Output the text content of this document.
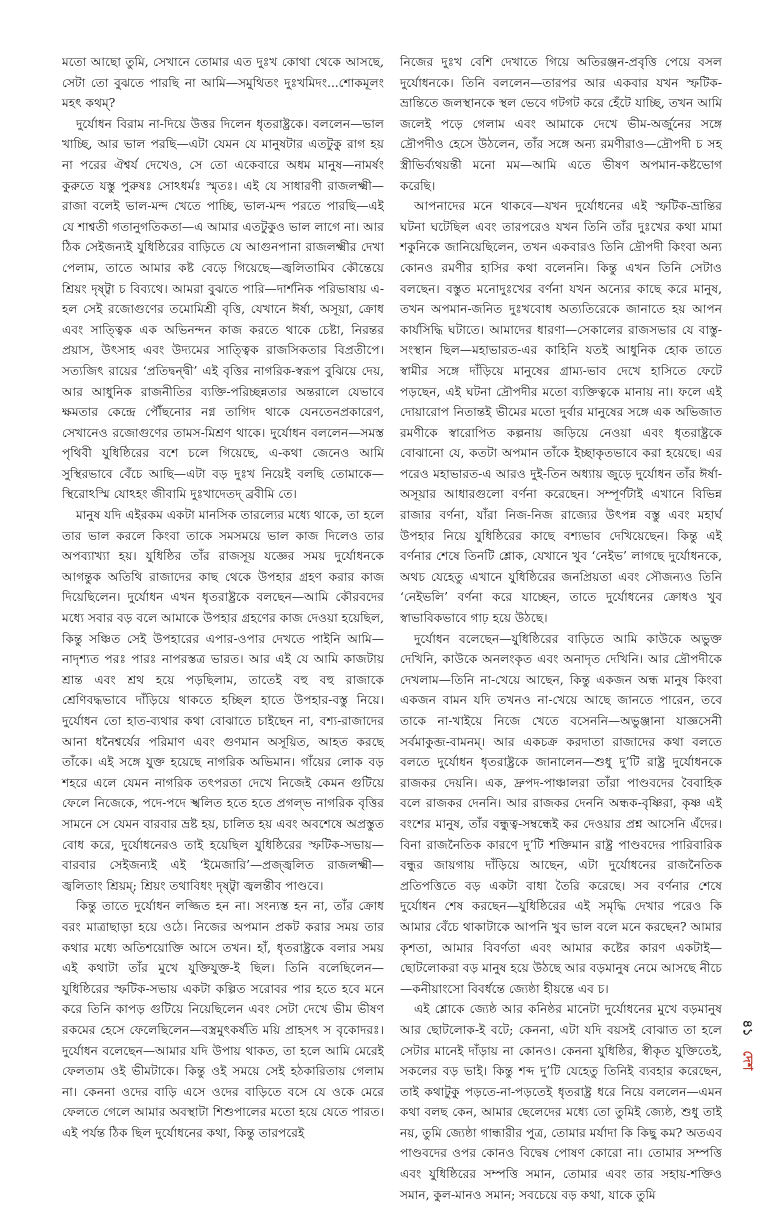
মতো আছো তুমি, সেখানে তোমার এত দুঃখ কোথা থেকে আসছে, সেটা তো বুঝতে পারছি না আমি—সমুথিতং দুঃখমিদং...শোকমূলং মহৎ কথম্?

দুর্যোধন বিরাম না-দিয়ে উত্তর দিলেন ধৃতরাষ্ট্রকে। বললেন—ভাল খাচ্ছি, আর ভাল পরছি—এটা যেমন যে মানুষটার এতটুকু রাগ হয় না পরের ঐশ্বর্য দেখেও, সে তো একেবারে অধম মানুষ—নামর্ষং কুরুতে যস্তু পুরুষঃ সোঽধর্মঃ স্মৃতঃ। এই যে সাধারণী রাজলক্ষ্মী—রাজা বলেই ভাল-মন্দ খেতে পাচ্ছি, ভাল-মন্দ পরতে পারছি—এই যে শাশ্বতী গতানুগতিকতা—এ আমার এতটুকুও ভাল লাগে না। আর ঠিক সেইজন্যই যুধিষ্ঠিরের বাড়িতে যে আগুনপানা রাজলক্ষ্মীর দেখা পেলাম, তাতে আমার কষ্ট বেড়ে গিয়েছে—জ্বলিতামিব কৌন্তেয়ে শ্রিয়ং দৃষ্ট্বা চ বিব্যথে। আমরা বুঝতে পারি—দার্শনিক পরিভাষায় এ-হল সেই রজোগুণের তমোমিশ্রী বৃত্তি, যেখানে ঈর্ষা, অসূয়া, ক্রোধ এবং সাত্ত্বিক এক অভিনন্দন কাজ করতে থাকে চেষ্টা, নিরন্তর প্রয়াস, উৎসাহ এবং উদ্যমের সাত্ত্বিক রাজসিকতার বিপ্রতীপে। সত্যজিৎ রায়ের ‘প্রতিদ্বন্দ্বী’ এই বৃত্তির নাগরিক-স্বরূপ বুঝিয়ে দেয়, আর আধুনিক রাজনীতির ব্যক্তি-পরিচ্ছন্নতার অন্তরালে যেভাবে ক্ষমতার কেন্দ্রে পৌঁছনোর নগ্ন তাগিদ থাকে যেনতেনপ্রকারেণ, সেখানেও রজোগুণের তামস-মিশ্রণ থাকে। দুর্যোধন বললেন—সমস্ত পৃথিবী যুধিষ্ঠিরের বশে চলে গিয়েছে, এ-কথা জেনেও আমি সুস্থিরভাবে বেঁচে আছি—এটা বড় দুঃখ নিয়েই বলছি তোমাকে—স্থিরোঽস্মি যোঽহং জীবামি দুঃখাদেতদ্ ব্রবীমি তে।

মানুষ যদি এইরকম একটা মানসিক তারল্যের মধ্যে থাকে, তা হলে তার ভাল করলে কিংবা তাকে সমসময়ে ভাল কাজ দিলেও তার অপব্যাখ্যা হয়। যুধিষ্ঠির তাঁর রাজসূয় যজ্ঞের সময় দুর্যোধনকে আগন্তুক অতিথি রাজাদের কাছ থেকে উপহার গ্রহণ করার কাজ দিয়েছিলেন। দুর্যোধন এখন ধৃতরাষ্ট্রকে বলছেন—আমি কৌরবদের মধ্যে সবার বড় বলে আমাকে উপহার গ্রহণের কাজ দেওয়া হয়েছিল, কিন্তু সঞ্চিত সেই উপহারের এপার-ওপার দেখতে পাইনি আমি—নাদৃশ্যত পরঃ পারঃ নাপরস্তত্র ভারত। আর এই যে আমি কাজটায় শ্রান্ত এবং শ্রথ হয়ে পড়ছিলাম, তাতেই বহু বহু রাজাকে শ্রেণিবদ্ধভাবে দাঁড়িয়ে থাকতে হচ্ছিল হাতে উপহার-বস্তু নিয়ে। দুর্যোধন তো হাত-ব্যথার কথা বোঝাতে চাইছেন না, বশ্য-রাজাদের আনা ধনৈশ্বর্যের পরিমাণ এবং গুণমান অসূয়িত, আহত করছে তাঁকে। এই সঙ্গে যুক্ত হয়েছে নাগরিক অভিমান। গাঁয়ের লোক বড় শহরে এলে যেমন নাগরিক তৎপরতা দেখে নিজেই কেমন গুটিয়ে ফেলে নিজেকে, পদে-পদে স্খলিত হতে হতে প্রগল্‌ভ নাগরিক বৃত্তির সামনে সে যেমন বারবার ভ্রষ্ট হয়, চালিত হয় এবং অবশেষে অপ্রস্তুত বোধ করে, দুর্যোধনেরও তাই হয়েছিল যুধিষ্ঠিরের স্ফটিক-সভায়—বারবার সেইজন্যই এই ‘ইমেজারি’—প্রজ্জ্বলিত রাজলক্ষ্মী—জ্বলিতাং শ্রিয়ম্‌; শ্রিয়ং তথাবিধং দৃষ্ট্বা জ্বলন্তীব পাণ্ডবে।

কিন্তু তাতে দুর্যোধন লজ্জিত হন না। সংন্যস্ত হন না, তাঁর ক্রোধ বরং মাত্রাছাড়া হয়ে ওঠে। নিজের অপমান প্রকট করার সময় তার কথার মধ্যে অতিশয়োক্তি আসে তখন। হাঁ, ধৃতরাষ্ট্রকে বলার সময় এই কথাটা তাঁর মুখে যুক্তিযুক্ত-ই ছিল। তিনি বলেছিলেন—যুধিষ্ঠিরের স্ফটিক-সভায় একটা কল্পিত সরোবর পার হতে হবে মনে করে তিনি কাপড় গুটিয়ে নিয়েছিলেন এবং সেটা দেখে ভীম ভীষণ রকমের হেসে ফেলেছিলেন—বস্ত্রমুৎকর্ষতি ময়ি প্রাহসৎ স বৃকোদরঃ। দুর্যোধন বলেছেন—আমার যদি উপায় থাকত, তা হলে আমি মেরেই ফেলতাম ওই ভীমটাকে। কিন্তু ওই সময়ে সেই হঠকারিতায় গেলাম না। কেননা ওদের বাড়ি এসে ওদের বাড়িতে বসে যে ওকে মেরে ফেলতে গেলে আমার অবস্থাটা শিশুপালের মতো হয়ে যেতে পারত। এই পর্যন্ত ঠিক ছিল দুর্যোধনের কথা, কিন্তু তারপরেই

নিজের দুঃখ বেশি দেখাতে গিয়ে অতিরঞ্জন-প্রবৃত্তি পেয়ে বসল দুর্যোধনকে। তিনি বললেন—তারপর আর একবার যখন স্ফটিক-ভ্রান্তিতে জলস্থানকে স্থল ভেবে গটগট করে হেঁটে যাচ্ছি, তখন আমি জলেই পড়ে গেলাম এবং আমাকে দেখে ভীম-অর্জুনের সঙ্গে দ্রৌপদীও হেসে উঠলেন, তাঁর সঙ্গে অন্য রমণীরাও—দ্রৌপদী চ সহ স্ত্রীভির্ব্যথয়ন্তী মনো মম—আমি এতে ভীষণ অপমান-কষ্টভোগ করেছি।

আপনাদের মনে থাকবে—যখন দুর্যোধনের এই স্ফটিক-ভ্রান্তির ঘটনা ঘটেছিল এবং তারপরেও যখন তিনি তাঁর দুঃখের কথা মামা শকুনিকে জানিয়েছিলেন, তখন একবারও তিনি দ্রৌপদী কিংবা অন্য কোনও রমণীর হাসির কথা বলেননি। কিন্তু এখন তিনি সেটাও বলছেন। বস্তুত মনোদুঃখের বর্ণনা যখন অন্যের কাছে করে মানুষ, তখন অপমান-জনিত দুঃখবোধ অত্যতিরেকে জানাতে হয় আপন কার্যসিদ্ধি ঘটাতে। আমাদের ধারণা—সেকালের রাজসভার যে বাস্তু-সংস্থান ছিল—মহাভারত-এর কাহিনি যতই আধুনিক হোক তাতে স্বামীর সঙ্গে দাঁড়িয়ে মানুষের গ্রাম্য-ভাব দেখে হাসিতে ফেটে পড়ছেন, এই ঘটনা দ্রৌপদীর মতো ব্যক্তিত্বকে মানায় না। ফলে এই দোয়ারোপ নিতান্তই ভীমের মতো দুর্বার মানুষের সঙ্গে এক অভিজাত রমণীকে স্বারোপিত কল্পনায় জড়িয়ে নেওয়া এবং ধৃতরাষ্ট্রকে বোঝানো যে, কতটা অপমান তাঁকে ইচ্ছাকৃতভাবে করা হয়েছে। এর পরেও মহাভারত-এ আরও দুই-তিন অধ্যায় জুড়ে দুর্যোধন তাঁর ঈর্ষা-অসূয়ার আধারগুলো বর্ণনা করেছেন। সম্পূর্ণটাই এখানে বিভিন্ন রাজার বর্ণনা, যাঁরা নিজ-নিজ রাজ্যের উৎপন্ন বস্তু এবং মহার্ঘ উপহার নিয়ে যুধিষ্ঠিরের কাছে বশ্যভাব দেখিয়েছেন। কিন্তু এই বর্ণনার শেষে তিনটি শ্লোক, যেখানে খুব ‘নেইভ’ লাগছে দুর্যোধনকে, অথচ যেহেতু এখানে যুধিষ্ঠিরের জনপ্রিয়তা এবং সৌজন্যও তিনি ‘নেইভলি’ বর্ণনা করে যাচ্ছেন, তাতে দুর্যোধনের ক্রোধও খুব স্বাভাবিকভাবে গাঢ় হয়ে উঠছে।

দুর্যোধন বলেছেন—যুধিষ্ঠিরের বাড়িতে আমি কাউকে অভুক্ত দেখিনি, কাউকে অনলংকৃত এবং অনাদৃত দেখিনি। আর দ্রৌপদীকে দেখলাম—তিনি না-খেয়ে আছেন, কিন্তু একজন অন্ধ মানুষ কিংবা একজন বামন যদি তখনও না-খেয়ে আছে জানতে পারেন, তবে তাকে না-খাইয়ে নিজে খেতে বসেননি—অভুঞ্জানা যাজ্ঞসেনী সর্বমাকুব্জ-বামনম্‌। আর একচক্র করদাতা রাজাদের কথা বলতে বলতে দুর্যোধন ধৃতরাষ্ট্রকে জানালেন—শুধু দু’টি রাষ্ট্র দুর্যোধনকে রাজকর দেয়নি। এক, দ্রুপদ-পাঞ্চালরা তাঁরা পাণ্ডবদের বৈবাহিক বলে রাজকর দেননি। আর রাজকর দেননি অন্ধক-বৃষ্ণিরা, কৃষ্ণ এই বংশের মানুষ, তাঁর বন্ধুত্ব-সম্বন্ধেই কর দেওয়ার প্রশ্ন আসেনি এঁদের। বিনা রাজনৈতিক কারণে দু’টি শক্তিমান রাষ্ট্র পাণ্ডবদের পারিবারিক বন্ধুর জায়গায় দাঁড়িয়ে আছেন, এটা দুর্যোধনের রাজনৈতিক প্রতিপত্তিতে বড় একটা বাধা তৈরি করেছে। সব বর্ণনার শেষে দুর্যোধন শেষ করছেন—যুধিষ্ঠিরের এই সমৃদ্ধি দেখার পরেও কি আমার বেঁচে থাকাটাকে আপনি খুব ভাল বলে মনে করছেন? আমার কৃশতা, আমার বিবর্ণতা এবং আমার কষ্টের কারণ একটাই—ছোটলোকরা বড় মানুষ হয়ে উঠছে আর বড়মানুষ নেমে আসছে নীচে—কনীয়াংসো বিবর্ধন্তে জ্যেষ্ঠা হীয়ন্তে এব চ।

এই শ্লোকে জ্যেষ্ঠ আর কনিষ্ঠর মানেটা দুর্যোধনের মুখে বড়মানুষ আর ছোটলোক-ই বটে; কেননা, এটা যদি বয়সই বোঝাত তা হলে সেটার মানেই দাঁড়ায় না কোনও। কেননা যুধিষ্ঠির, স্বীকৃত যুক্তিতেই, সকলের বড় ভাই। কিন্তু শব্দ দু’টি যেহেতু তিনিই ব্যবহার করেছেন, তাই কথাটুকু পড়তে-না-পড়তেই ধৃতরাষ্ট্র ধরে নিয়ে বললেন—এমন কথা বলছ কেন, আমার ছেলেদের মধ্যে তো তুমিই জ্যেষ্ঠ, শুধু তাই নয়, তুমি জ্যেষ্ঠা গান্ধারীর পুত্র, তোমার মর্যাদা কি কিছু কম? অতএব পাণ্ডবদের ওপর কোনও বিদ্বেষ পোষণ কোরো না। তোমার সম্পত্তি এবং যুধিষ্ঠিরের সম্পত্তি সমান, তোমার এবং তার সহায়-শক্তিও সমান, কুল-মানও সমান; সবচেয়ে বড় কথা, যাকে তুমি

৪১ দেশ
